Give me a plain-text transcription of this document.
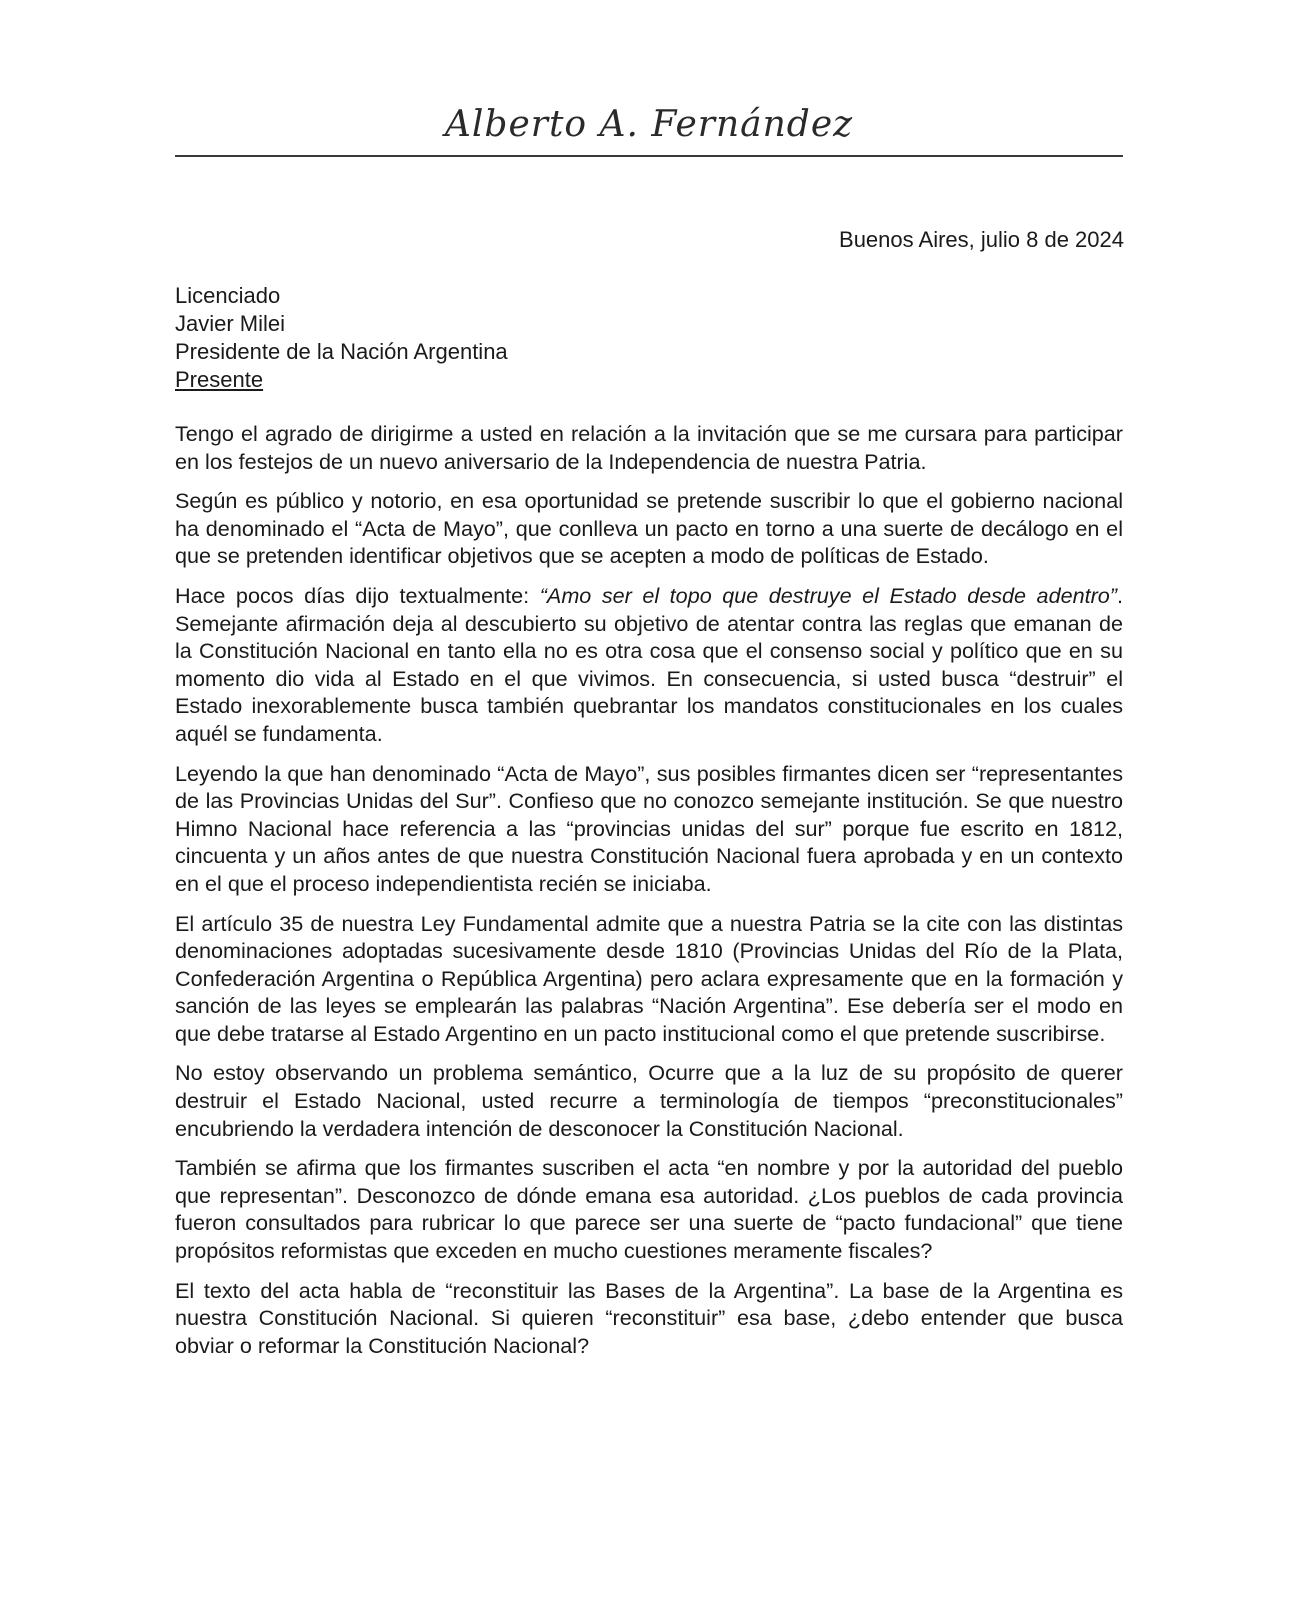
Alberto A. Fernández
Buenos Aires, julio 8 de 2024
Licenciado
Javier Milei
Presidente de la Nación Argentina
Presente

Tengo el agrado de dirigirme a usted en relación a la invitación que se me cursara para participar en los festejos de un nuevo aniversario de la Independencia de nuestra Patria.

Según es público y notorio, en esa oportunidad se pretende suscribir lo que el gobierno nacional ha denominado el “Acta de Mayo”, que conlleva un pacto en torno a una suerte de decálogo en el que se pretenden identificar objetivos que se acepten a modo de políticas de Estado.

Hace pocos días dijo textualmente: “Amo ser el topo que destruye el Estado desde adentro”. Semejante afirmación deja al descubierto su objetivo de atentar contra las reglas que emanan de la Constitución Nacional en tanto ella no es otra cosa que el consenso social y político que en su momento dio vida al Estado en el que vivimos. En consecuencia, si usted busca “destruir” el Estado inexorablemente busca también quebrantar los mandatos constitucionales en los cuales aquél se fundamenta.

Leyendo la que han denominado “Acta de Mayo”, sus posibles firmantes dicen ser “representantes de las Provincias Unidas del Sur”. Confieso que no conozco semejante institución. Se que nuestro Himno Nacional hace referencia a las “provincias unidas del sur” porque fue escrito en 1812, cincuenta y un años antes de que nuestra Constitución Nacional fuera aprobada y en un contexto en el que el proceso independientista recién se iniciaba.

El artículo 35 de nuestra Ley Fundamental admite que a nuestra Patria se la cite con las distintas denominaciones adoptadas sucesivamente desde 1810 (Provincias Unidas del Río de la Plata, Confederación Argentina o República Argentina) pero aclara expresamente que en la formación y sanción de las leyes se emplearán las palabras “Nación Argentina”. Ese debería ser el modo en que debe tratarse al Estado Argentino en un pacto institucional como el que pretende suscribirse.

No estoy observando un problema semántico, Ocurre que a la luz de su propósito de querer destruir el Estado Nacional, usted recurre a terminología de tiempos “preconstitucionales” encubriendo la verdadera intención de desconocer la Constitución Nacional.

También se afirma que los firmantes suscriben el acta “en nombre y por la autoridad del pueblo que representan”. Desconozco de dónde emana esa autoridad. ¿Los pueblos de cada provincia fueron consultados para rubricar lo que parece ser una suerte de “pacto fundacional” que tiene propósitos reformistas que exceden en mucho cuestiones meramente fiscales?

El texto del acta habla de “reconstituir las Bases de la Argentina”. La base de la Argentina es nuestra Constitución Nacional. Si quieren “reconstituir” esa base, ¿debo entender que busca obviar o reformar la Constitución Nacional?
